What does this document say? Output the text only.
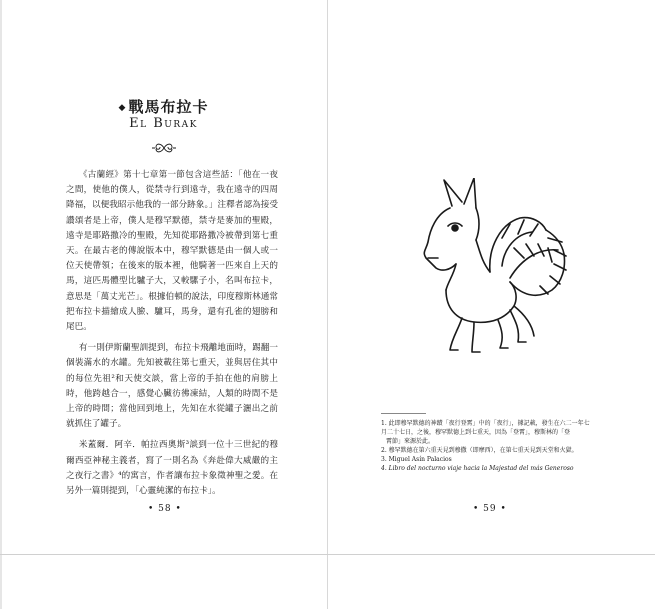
◆ 戰馬布拉卡
El Burak

《古蘭經》第十七章第一節包含這些話：「他在一夜之間，使他的僕人，從禁寺行到遠寺，我在遠寺的四周降福，以便我昭示他我的一部分跡象。」注釋者認為接受讚頌者是上帝，僕人是穆罕默德，禁寺是麥加的聖殿，遠寺是耶路撒冷的聖殿，先知從耶路撒冷被帶到第七重天。在最古老的傳說版本中，穆罕默德是由一個人或一位天使帶領；在後來的版本裡，他騎著一匹來自上天的馬，這匹馬體型比驢子大，又較騾子小，名叫布拉卡，意思是「萬丈光芒」。根據伯頓的說法，印度穆斯林通常把布拉卡描繪成人臉、驢耳，馬身，還有孔雀的翅膀和尾巴。

有一則伊斯蘭聖訓提到，布拉卡飛離地面時，踢翻一個裝滿水的水罐。先知被載往第七重天，並與居住其中的每位先祖²和天使交談，當上帝的手拍在他的肩膀上時，他跨越合一，感覺心臟彷彿凍結，人類的時間不是上帝的時間；當他回到地上，先知在水從罐子灑出之前就抓住了罐子。

米蓋爾．阿辛．帕拉西奧斯³談到一位十三世紀的穆爾西亞神秘主義者，寫了一則名為《奔赴偉大威嚴的主之夜行之書》⁴的寓言，作者讓布拉卡象徵神聖之愛。在另外一篇則提到，「心靈純潔的布拉卡」。

• 58 •
1. 此即穆罕默德的神蹟「夜行登霄」中的「夜行」，據記載，發生在六二一年七月二十七日，之後，穆罕默德上到七重天，因為「登霄」，穆斯林的「登
霄節」來源於此。
2. 穆罕默德在第六重天見到穆撒（即摩西），在第七重天見到天堂和火獄。
3. Miguel Asín Palacios
4. Libro del nocturno viaje hacia la Majestad del más Generoso
• 59 •
